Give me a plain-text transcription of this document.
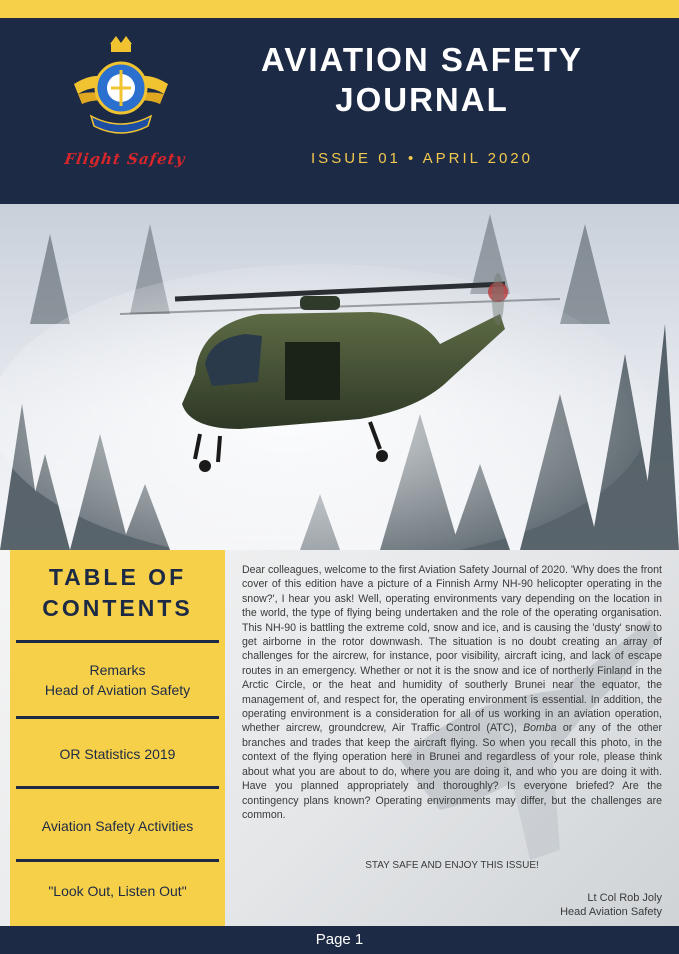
Flight Safety
AVIATION SAFETY
JOURNAL
ISSUE 01 • APRIL 2020
TABLE OF
CONTENTS
Remarks
Head of Aviation Safety
OR Statistics 2019
Aviation Safety Activities
"Look Out, Listen Out"
Dear colleagues, welcome to the first Aviation Safety Journal of 2020. 'Why does the front cover of this edition have a picture of a Finnish Army NH-90 helicopter operating in the snow?', I hear you ask! Well, operating environments vary depending on the location in the world, the type of flying being undertaken and the role of the operating organisation. This NH-90 is battling the extreme cold, snow and ice, and is causing the 'dusty' snow to get airborne in the rotor downwash. The situation is no doubt creating an array of challenges for the aircrew, for instance, poor visibility, aircraft icing, and lack of escape routes in an emergency. Whether or not it is the snow and ice of northerly Finland in the Arctic Circle, or the heat and humidity of southerly Brunei near the equator, the management of, and respect for, the operating environment is essential. In addition, the operating environment is a consideration for all of us working in an aviation operation, whether aircrew, groundcrew, Air Traffic Control (ATC), Bomba or any of the other branches and trades that keep the aircraft flying. So when you recall this photo, in the context of the flying operation here in Brunei and regardless of your role, please think about what you are about to do, where you are doing it, and who you are doing it with. Have you planned appropriately and thoroughly? Is everyone briefed? Are the contingency plans known? Operating environments may differ, but the challenges are common.
STAY SAFE AND ENJOY THIS ISSUE!
Lt Col Rob Joly
Head Aviation Safety
Page 1
